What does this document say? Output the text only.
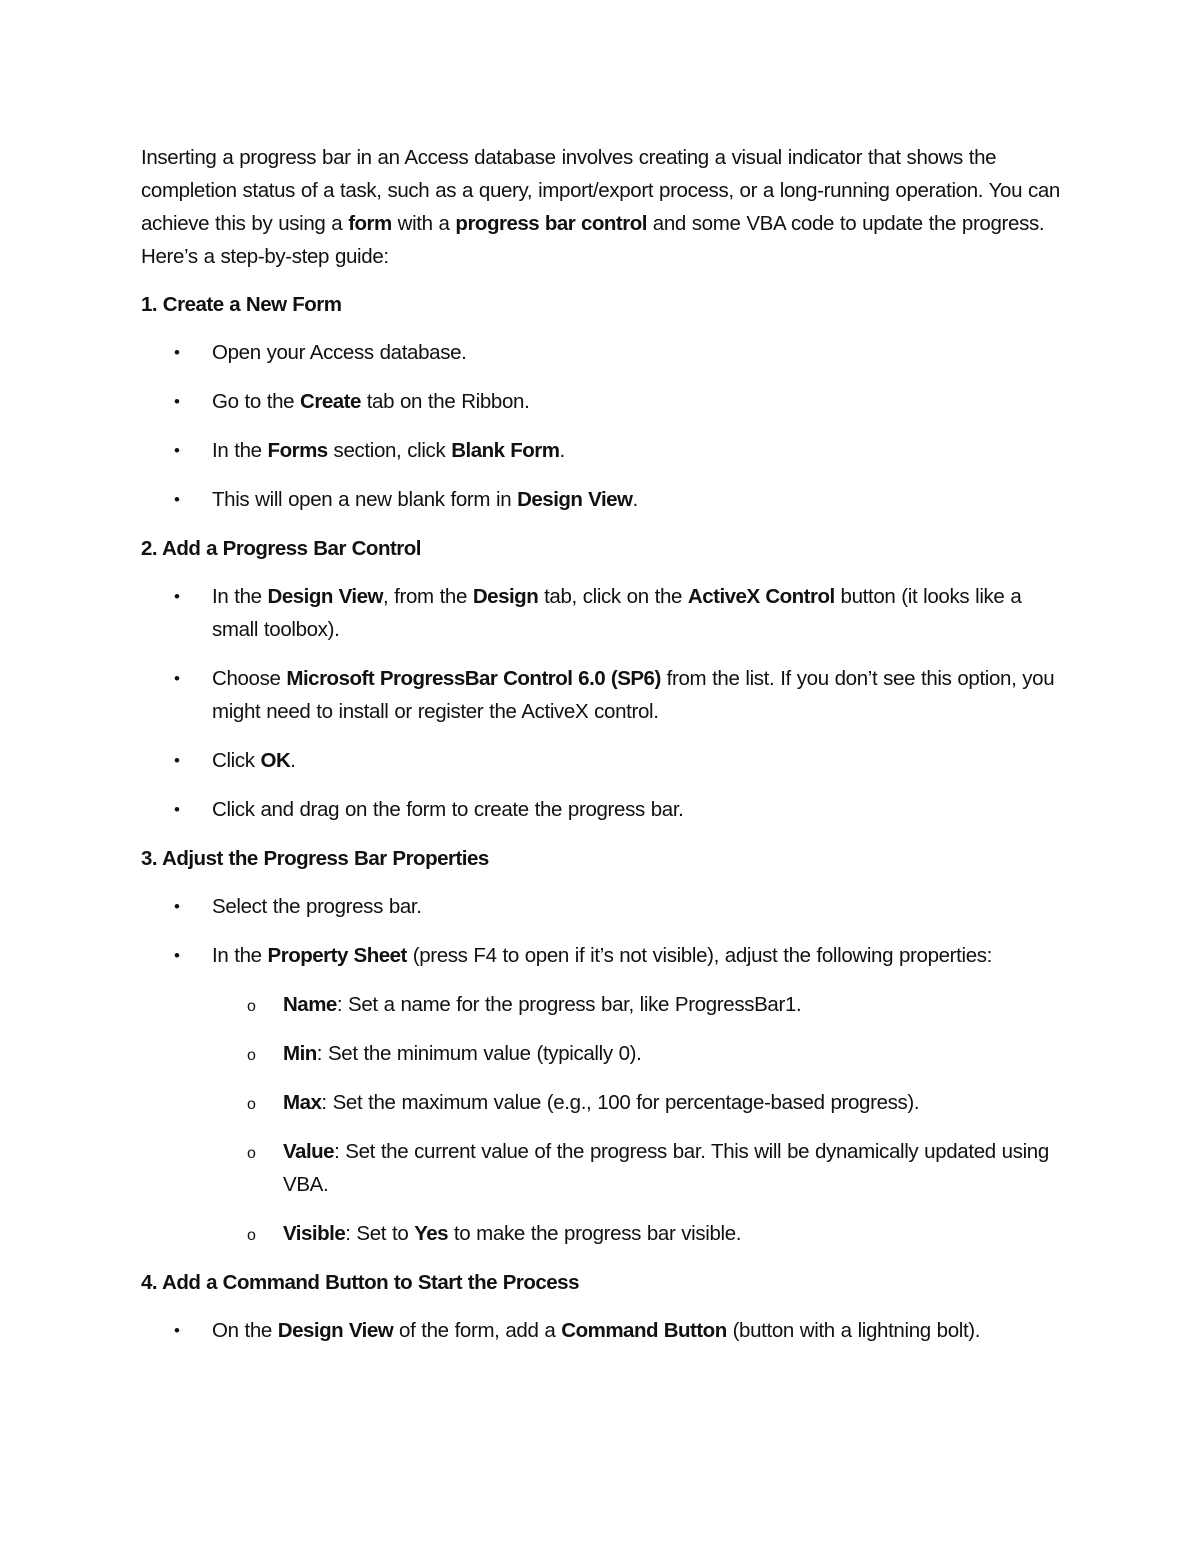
Inserting a progress bar in an Access database involves creating a visual indicator that shows the completion status of a task, such as a query, import/export process, or a long-running operation. You can achieve this by using a form with a progress bar control and some VBA code to update the progress. Here’s a step-by-step guide:

1. Create a New Form

• Open your Access database.
• Go to the Create tab on the Ribbon.
• In the Forms section, click Blank Form.
• This will open a new blank form in Design View.

2. Add a Progress Bar Control

• In the Design View, from the Design tab, click on the ActiveX Control button (it looks like a small toolbox).
• Choose Microsoft ProgressBar Control 6.0 (SP6) from the list. If you don’t see this option, you might need to install or register the ActiveX control.
• Click OK.
• Click and drag on the form to create the progress bar.

3. Adjust the Progress Bar Properties

• Select the progress bar.
• In the Property Sheet (press F4 to open if it’s not visible), adjust the following properties:
o Name: Set a name for the progress bar, like ProgressBar1.
o Min: Set the minimum value (typically 0).
o Max: Set the maximum value (e.g., 100 for percentage-based progress).
o Value: Set the current value of the progress bar. This will be dynamically updated using VBA.
o Visible: Set to Yes to make the progress bar visible.

4. Add a Command Button to Start the Process

• On the Design View of the form, add a Command Button (button with a lightning bolt).
